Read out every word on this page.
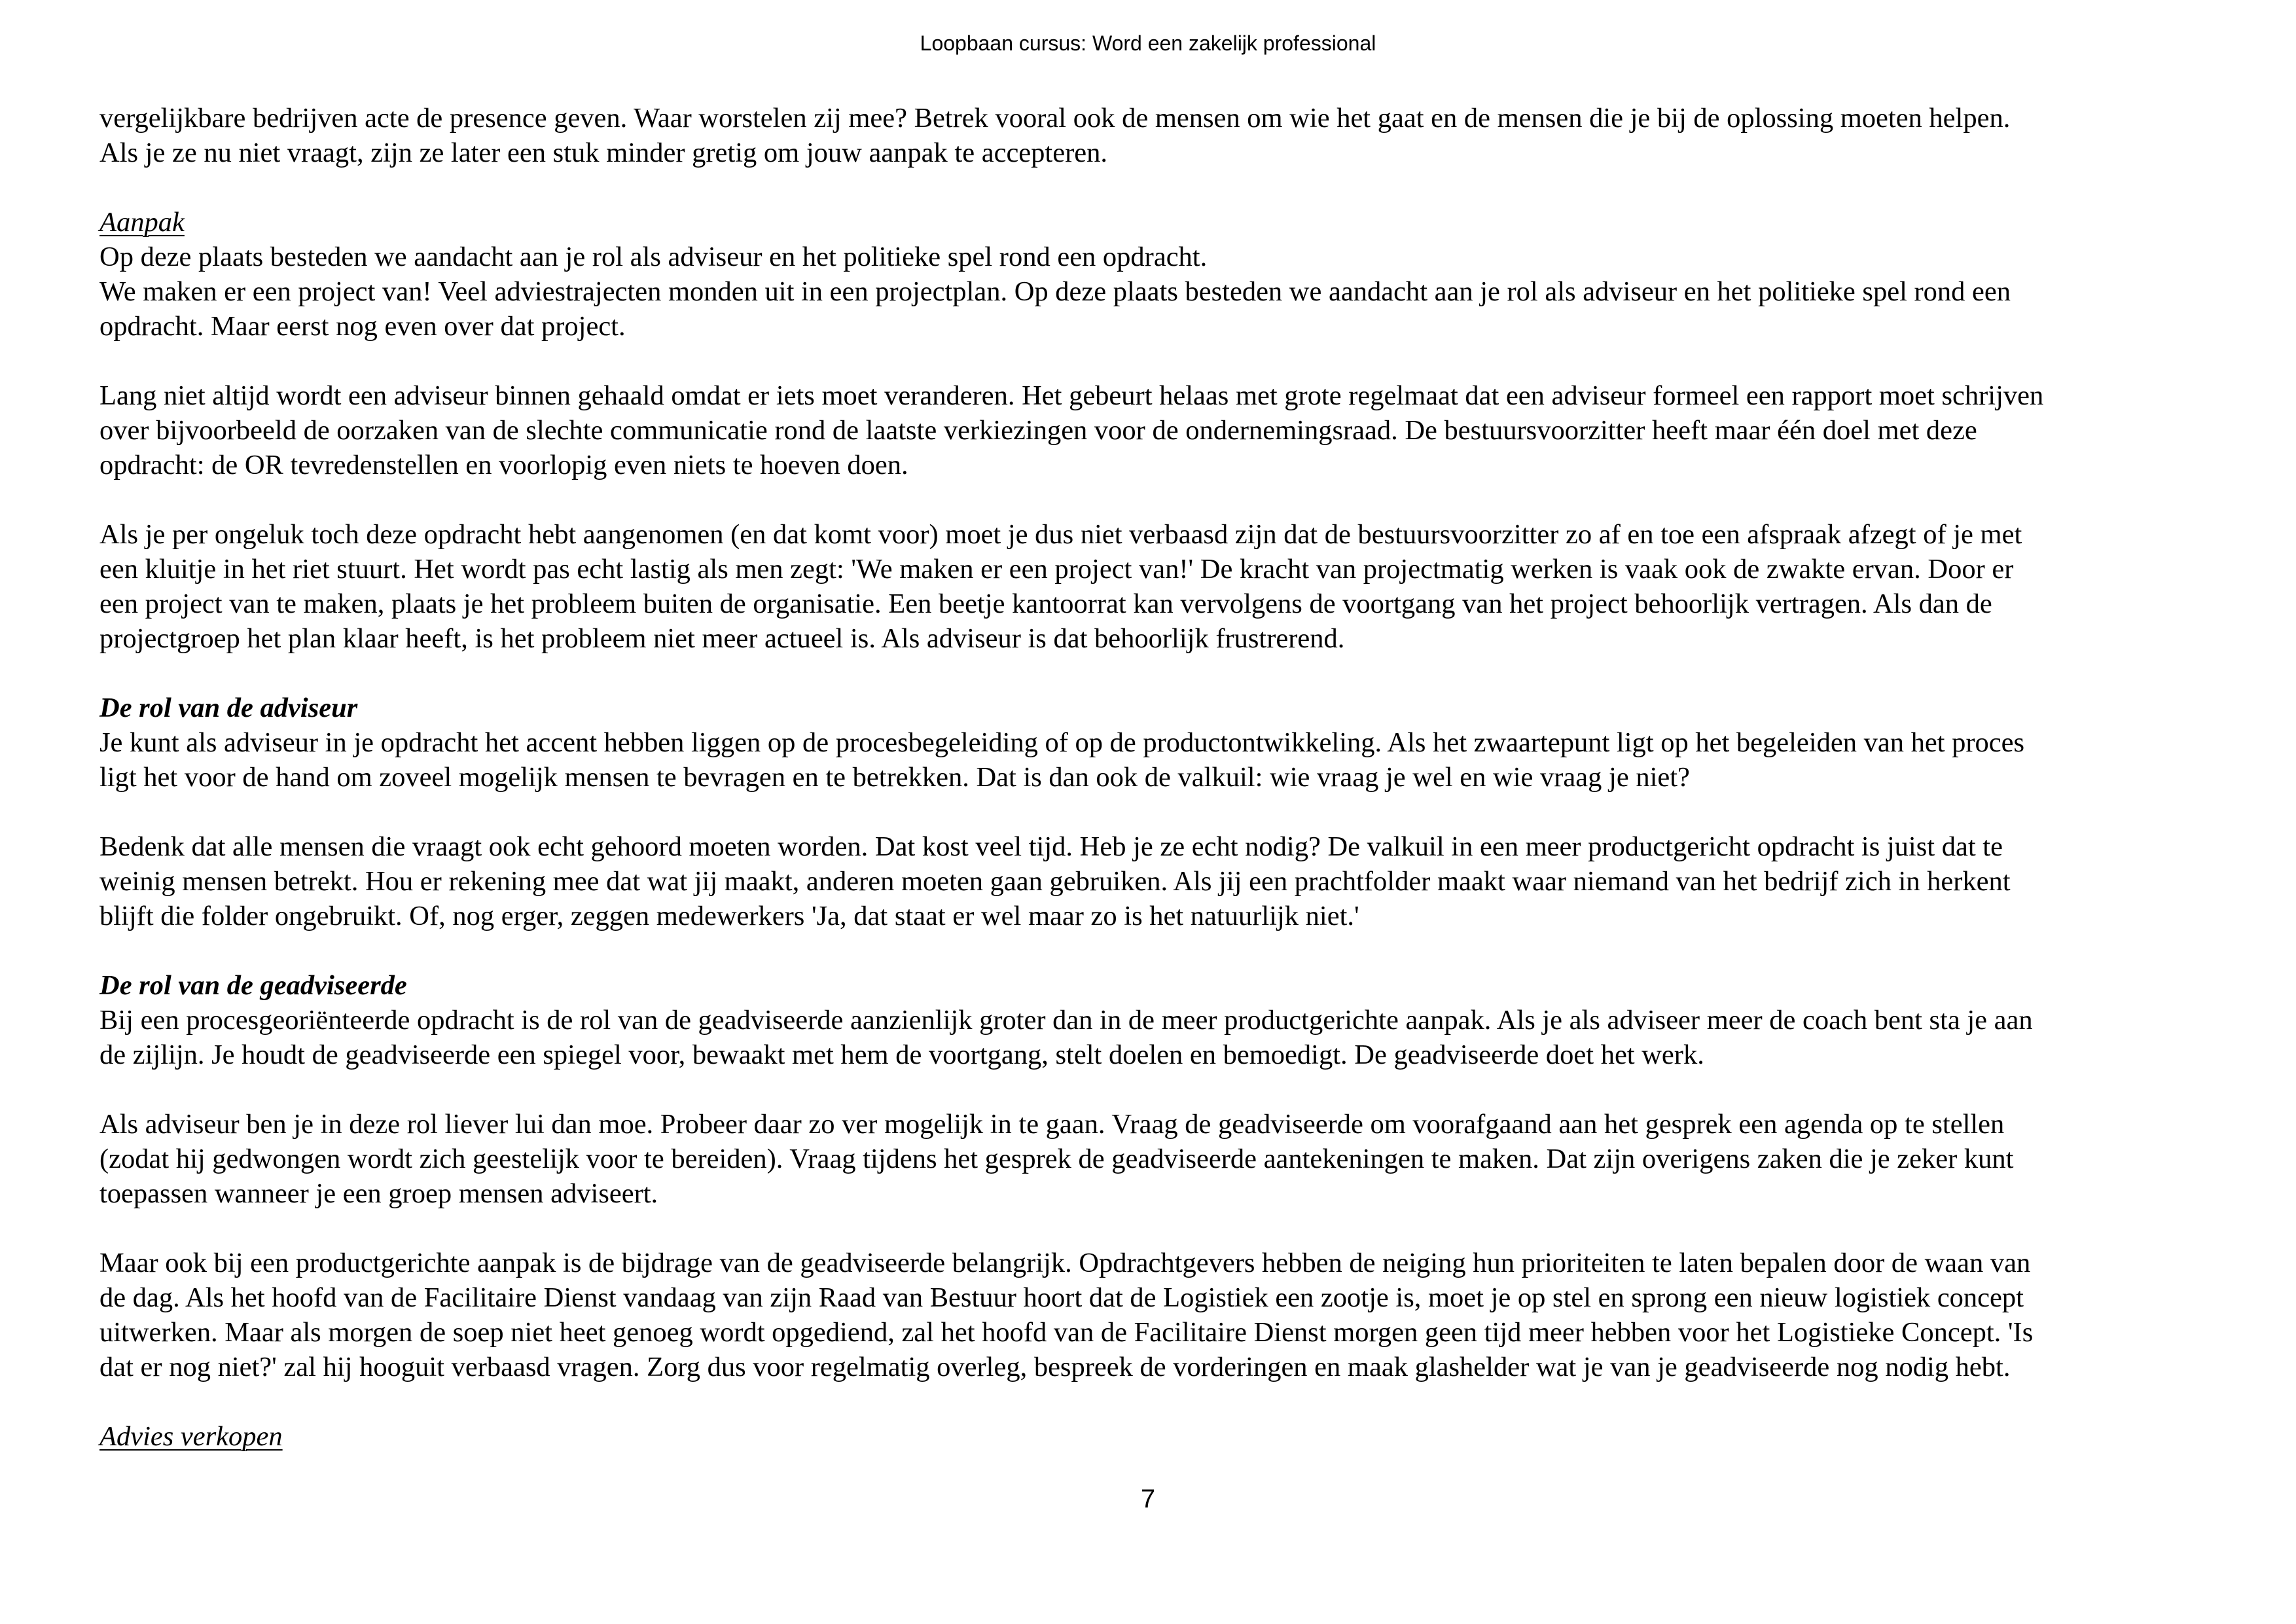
Loopbaan cursus: Word een zakelijk professional

vergelijkbare bedrijven acte de presence geven. Waar worstelen zij mee? Betrek vooral ook de mensen om wie het gaat en de mensen die je bij de oplossing moeten helpen.

Als je ze nu niet vraagt, zijn ze later een stuk minder gretig om jouw aanpak te accepteren.

Aanpak

Op deze plaats besteden we aandacht aan je rol als adviseur en het politieke spel rond een opdracht.

We maken er een project van! Veel adviestrajecten monden uit in een projectplan. Op deze plaats besteden we aandacht aan je rol als adviseur en het politieke spel rond een

opdracht. Maar eerst nog even over dat project.

Lang niet altijd wordt een adviseur binnen gehaald omdat er iets moet veranderen. Het gebeurt helaas met grote regelmaat dat een adviseur formeel een rapport moet schrijven

over bijvoorbeeld de oorzaken van de slechte communicatie rond de laatste verkiezingen voor de ondernemingsraad. De bestuursvoorzitter heeft maar één doel met deze

opdracht: de OR tevredenstellen en voorlopig even niets te hoeven doen.

Als je per ongeluk toch deze opdracht hebt aangenomen (en dat komt voor) moet je dus niet verbaasd zijn dat de bestuursvoorzitter zo af en toe een afspraak afzegt of je met

een kluitje in het riet stuurt. Het wordt pas echt lastig als men zegt: 'We maken er een project van!' De kracht van projectmatig werken is vaak ook de zwakte ervan. Door er

een project van te maken, plaats je het probleem buiten de organisatie. Een beetje kantoorrat kan vervolgens de voortgang van het project behoorlijk vertragen. Als dan de

projectgroep het plan klaar heeft, is het probleem niet meer actueel is. Als adviseur is dat behoorlijk frustrerend.

De rol van de adviseur

Je kunt als adviseur in je opdracht het accent hebben liggen op de procesbegeleiding of op de productontwikkeling. Als het zwaartepunt ligt op het begeleiden van het proces

ligt het voor de hand om zoveel mogelijk mensen te bevragen en te betrekken. Dat is dan ook de valkuil: wie vraag je wel en wie vraag je niet?

Bedenk dat alle mensen die vraagt ook echt gehoord moeten worden. Dat kost veel tijd. Heb je ze echt nodig? De valkuil in een meer productgericht opdracht is juist dat te

weinig mensen betrekt. Hou er rekening mee dat wat jij maakt, anderen moeten gaan gebruiken. Als jij een prachtfolder maakt waar niemand van het bedrijf zich in herkent

blijft die folder ongebruikt. Of, nog erger, zeggen medewerkers 'Ja, dat staat er wel maar zo is het natuurlijk niet.'

De rol van de geadviseerde

Bij een procesgeoriënteerde opdracht is de rol van de geadviseerde aanzienlijk groter dan in de meer productgerichte aanpak. Als je als adviseer meer de coach bent sta je aan

de zijlijn. Je houdt de geadviseerde een spiegel voor, bewaakt met hem de voortgang, stelt doelen en bemoedigt. De geadviseerde doet het werk.

Als adviseur ben je in deze rol liever lui dan moe. Probeer daar zo ver mogelijk in te gaan. Vraag de geadviseerde om voorafgaand aan het gesprek een agenda op te stellen

(zodat hij gedwongen wordt zich geestelijk voor te bereiden). Vraag tijdens het gesprek de geadviseerde aantekeningen te maken. Dat zijn overigens zaken die je zeker kunt

toepassen wanneer je een groep mensen adviseert.

Maar ook bij een productgerichte aanpak is de bijdrage van de geadviseerde belangrijk. Opdrachtgevers hebben de neiging hun prioriteiten te laten bepalen door de waan van

de dag. Als het hoofd van de Facilitaire Dienst vandaag van zijn Raad van Bestuur hoort dat de Logistiek een zootje is, moet je op stel en sprong een nieuw logistiek concept

uitwerken. Maar als morgen de soep niet heet genoeg wordt opgediend, zal het hoofd van de Facilitaire Dienst morgen geen tijd meer hebben voor het Logistieke Concept. 'Is

dat er nog niet?' zal hij hooguit verbaasd vragen. Zorg dus voor regelmatig overleg, bespreek de vorderingen en maak glashelder wat je van je geadviseerde nog nodig hebt.

Advies verkopen

7
